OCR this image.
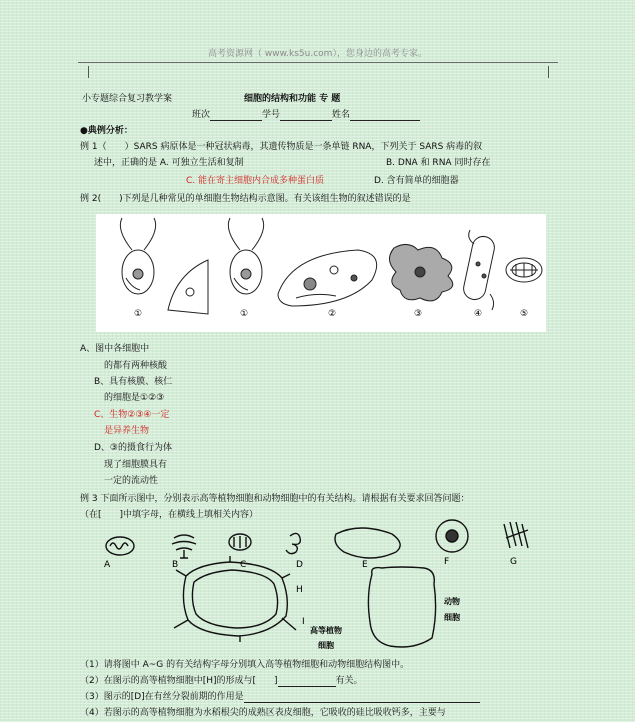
高考资源网（ www.ks5u.com），您身边的高考专家。
小专题综合复习教学案	细胞的结构和功能 专 题
班次	学号	姓名
●典例分析：
例 1（　　）SARS 病原体是一种冠状病毒，其遗传物质是一条单链 RNA，下列关于 SARS 病毒的叙
述中，正确的是 A. 可独立生活和复制	B. DNA 和 RNA 同时存在
C. 能在寄主细胞内合成多种蛋白质	D. 含有简单的细胞器
例 2(　　)下列是几种常见的单细胞生物结构示意图。有关该组生物的叙述错误的是
①	①	②	③	④	⑤
A、图中各细胞中
的都有两种核酸
B、具有核膜、核仁
的细胞是①②③
C、生物②③④一定
是异养生物
D、③的摄食行为体
现了细胞膜具有
一定的流动性
例 3 下面所示图中，分别表示高等植物细胞和动物细胞中的有关结构。请根据有关要求回答问题：
（在[　　]中填字母，在横线上填相关内容）
A	B	C	D	E	F	G
H
I
高等植物
细胞
动物
细胞
（1）请将图中 A~G 的有关结构字母分别填入高等植物细胞和动物细胞结构图中。
（2）在图示的高等植物细胞中[H]的形成与[　　]	有关。
（3）图示的[D]在有丝分裂前期的作用是
（4）若图示的高等植物细胞为水稻根尖的成熟区表皮细胞，它吸收的硅比吸收钙多，主要与
